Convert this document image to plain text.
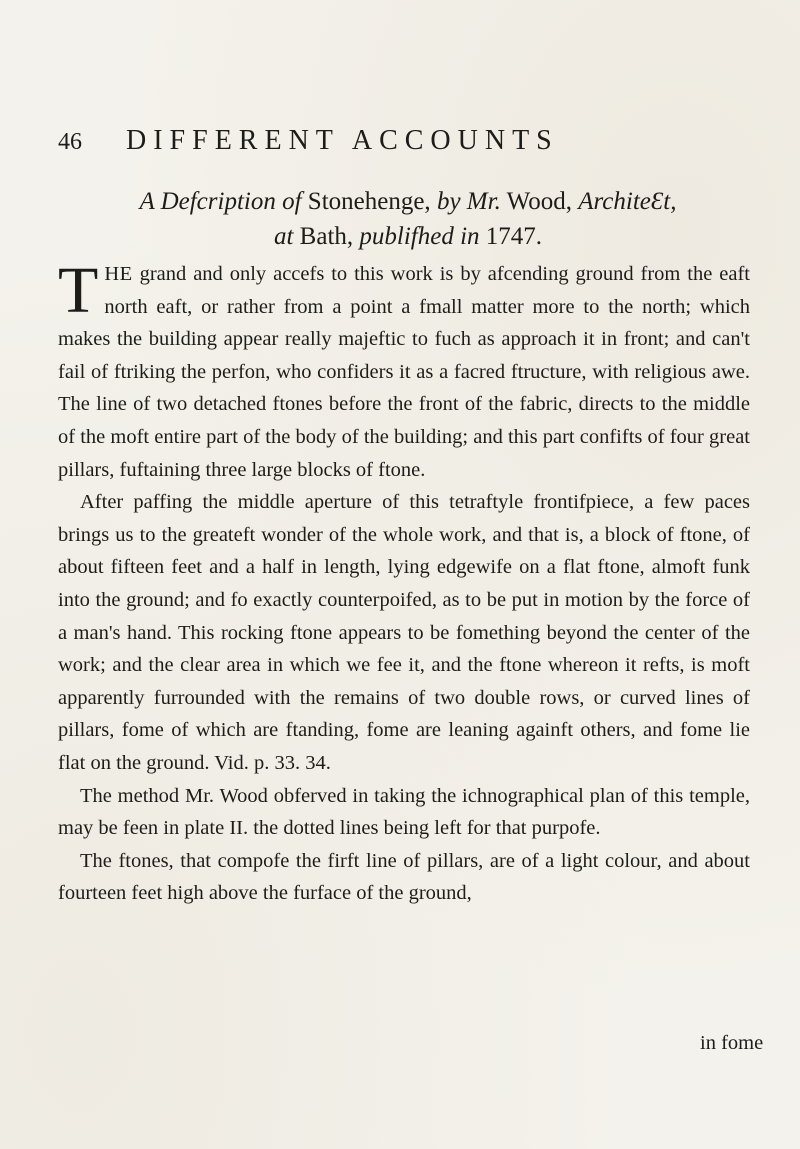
46 DIFFERENT ACCOUNTS
A Defcription of Stonehenge, by Mr. Wood, ArchiteƐt,
at Bath, publifhed in 1747.

THE grand and only accefs to this work is by afcending ground from the eaft north eaft, or rather from a point a fmall matter more to the north; which makes the building appear really majeftic to fuch as approach it in front; and can't fail of ftriking the perfon, who confiders it as a facred ftructure, with religious awe. The line of two detached ftones before the front of the fabric, directs to the middle of the moft entire part of the body of the building; and this part confifts of four great pillars, fuftaining three large blocks of ftone.

After paffing the middle aperture of this tetraftyle frontifpiece, a few paces brings us to the greateft wonder of the whole work, and that is, a block of ftone, of about fifteen feet and a half in length, lying edgewife on a flat ftone, almoft funk into the ground; and fo exactly counterpoifed, as to be put in motion by the force of a man's hand. This rocking ftone appears to be fomething beyond the center of the work; and the clear area in which we fee it, and the ftone whereon it refts, is moft apparently furrounded with the remains of two double rows, or curved lines of pillars, fome of which are ftanding, fome are leaning againft others, and fome lie flat on the ground. Vid. p. 33. 34.

The method Mr. Wood obferved in taking the ichnographical plan of this temple, may be feen in plate II. the dotted lines being left for that purpofe.

The ftones, that compofe the firft line of pillars, are of a light colour, and about fourteen feet high above the furface of the ground,

in fome
